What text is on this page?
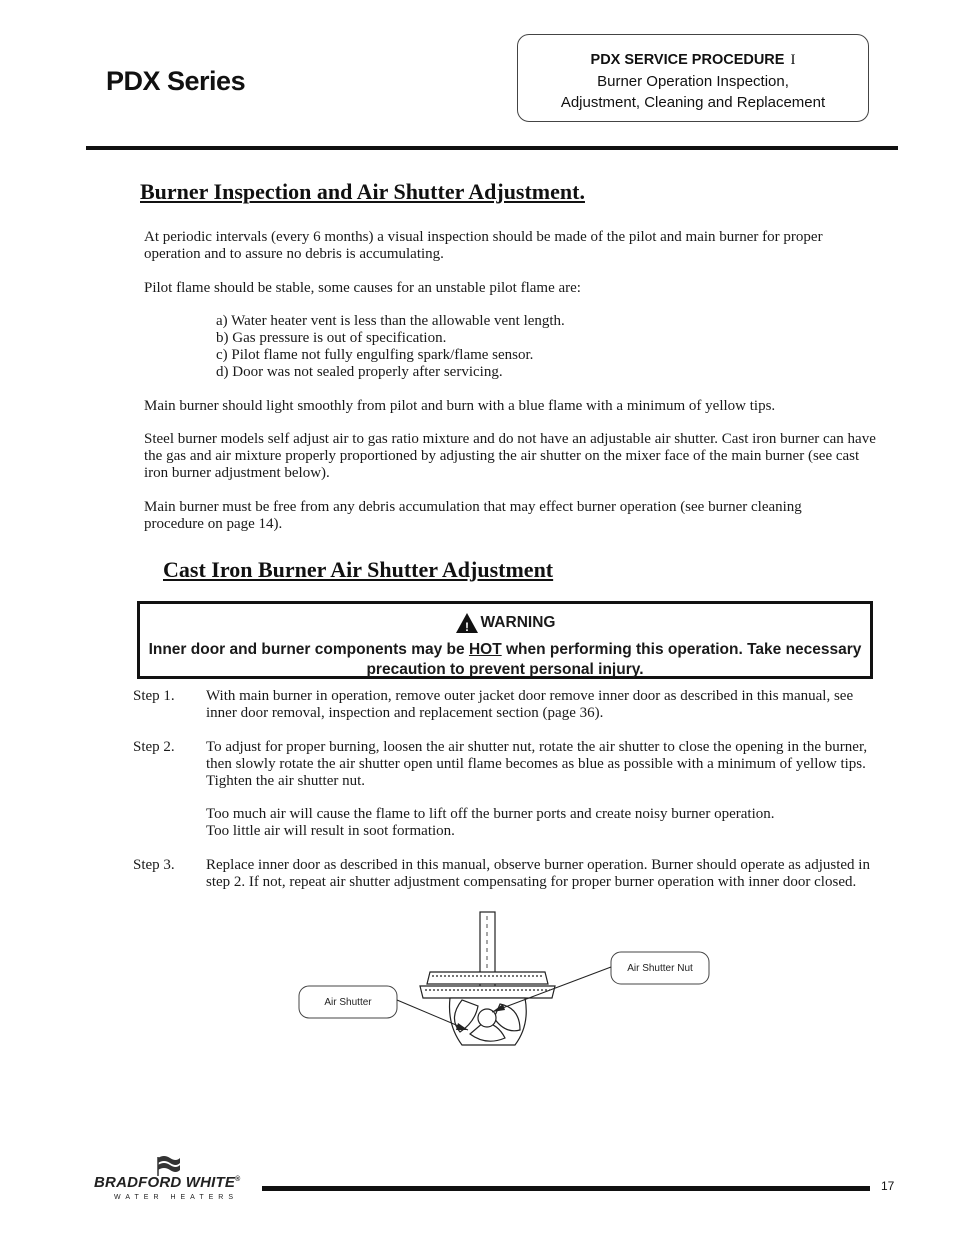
PDX Series
PDX SERVICE PROCEDURE I
Burner Operation Inspection,
Adjustment, Cleaning and Replacement
Burner Inspection and Air Shutter Adjustment.

At periodic intervals (every 6 months) a visual inspection should be made of the pilot and main burner for proper operation and to assure no debris is accumulating.

Pilot flame should be stable, some causes for an unstable pilot flame are:

a) Water heater vent is less than the allowable vent length.
b) Gas pressure is out of specification.
c) Pilot flame not fully engulfing spark/flame sensor.
d) Door was not sealed properly after servicing.

Main burner should light smoothly from pilot and burn with a blue flame with a minimum of yellow tips.

Steel burner models self adjust air to gas ratio mixture and do not have an adjustable air shutter. Cast iron burner can have the gas and air mixture properly proportioned by adjusting the air shutter on the mixer face of the main burner (see cast iron burner adjustment below).

Main burner must be free from any debris accumulation that may effect burner operation (see burner cleaning procedure on page 14).

Cast Iron Burner Air Shutter Adjustment
! WARNING
Inner door and burner components may be HOT when performing this operation. Take necessary precaution to prevent personal injury.
Step 1. With main burner in operation, remove outer jacket door remove inner door as described in this manual, see inner door removal, inspection and replacement section (page 36).

Step 2. To adjust for proper burning, loosen the air shutter nut, rotate the air shutter to close the opening in the burner, then slowly rotate the air shutter open until flame becomes as blue as possible with a minimum of yellow tips. Tighten the air shutter nut.

Too much air will cause the flame to lift off the burner ports and create noisy burner operation.

Too little air will result in soot formation.

Step 3. Replace inner door as described in this manual, observe burner operation. Burner should operate as adjusted in step 2. If not, repeat air shutter adjustment compensating for proper burner operation with inner door closed.

Air Shutter
Air Shutter Nut
BRADFORD WHITE®
WATER HEATERS
17
